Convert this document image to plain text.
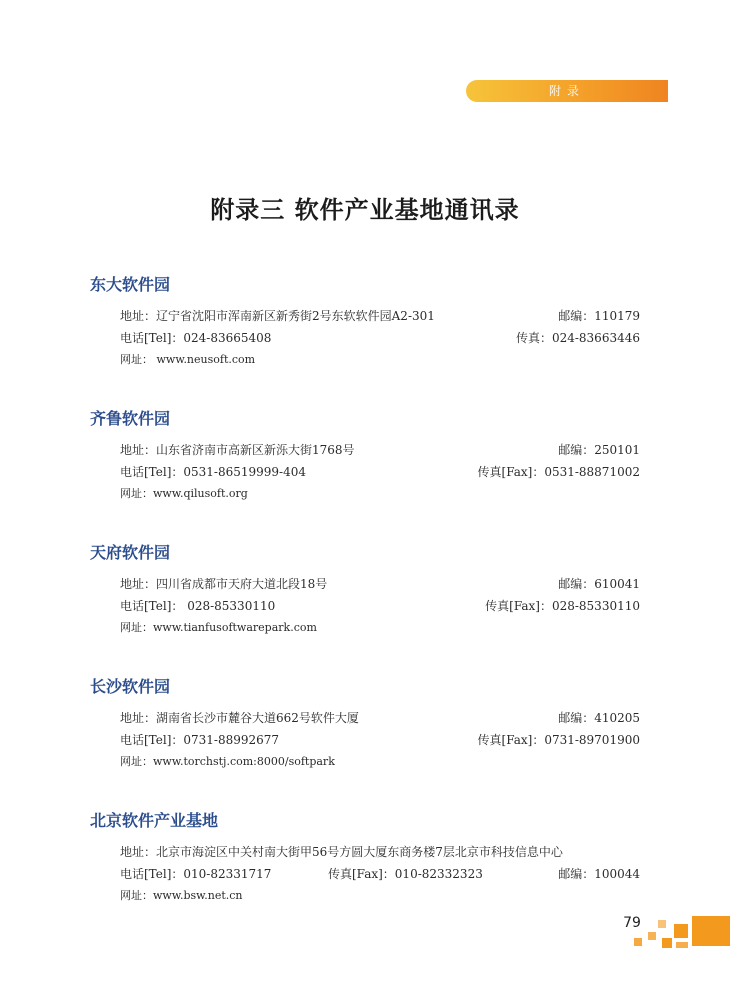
附录
附录三 软件产业基地通讯录
东大软件园
地址：辽宁省沈阳市浑南新区新秀街2号东软软件园A2-301	邮编：110179
电话[Tel]：024-83665408	传真：024-83663446
网址： www.neusoft.com
齐鲁软件园
地址：山东省济南市高新区新泺大街1768号	邮编：250101
电话[Tel]：0531-86519999-404	传真[Fax]：0531-88871002
网址：www.qilusoft.org
天府软件园
地址：四川省成都市天府大道北段18号	邮编：610041
电话[Tel]： 028-85330110	传真[Fax]：028-85330110
网址：www.tianfusoftwarepark.com
长沙软件园
地址：湖南省长沙市麓谷大道662号软件大厦	邮编：410205
电话[Tel]：0731-88992677	传真[Fax]：0731-89701900
网址：www.torchstj.com:8000/softpark
北京软件产业基地
地址：北京市海淀区中关村南大街甲56号方圆大厦东商务楼7层北京市科技信息中心
电话[Tel]：010-82331717	传真[Fax]：010-82332323	邮编：100044
网址：www.bsw.net.cn
79
